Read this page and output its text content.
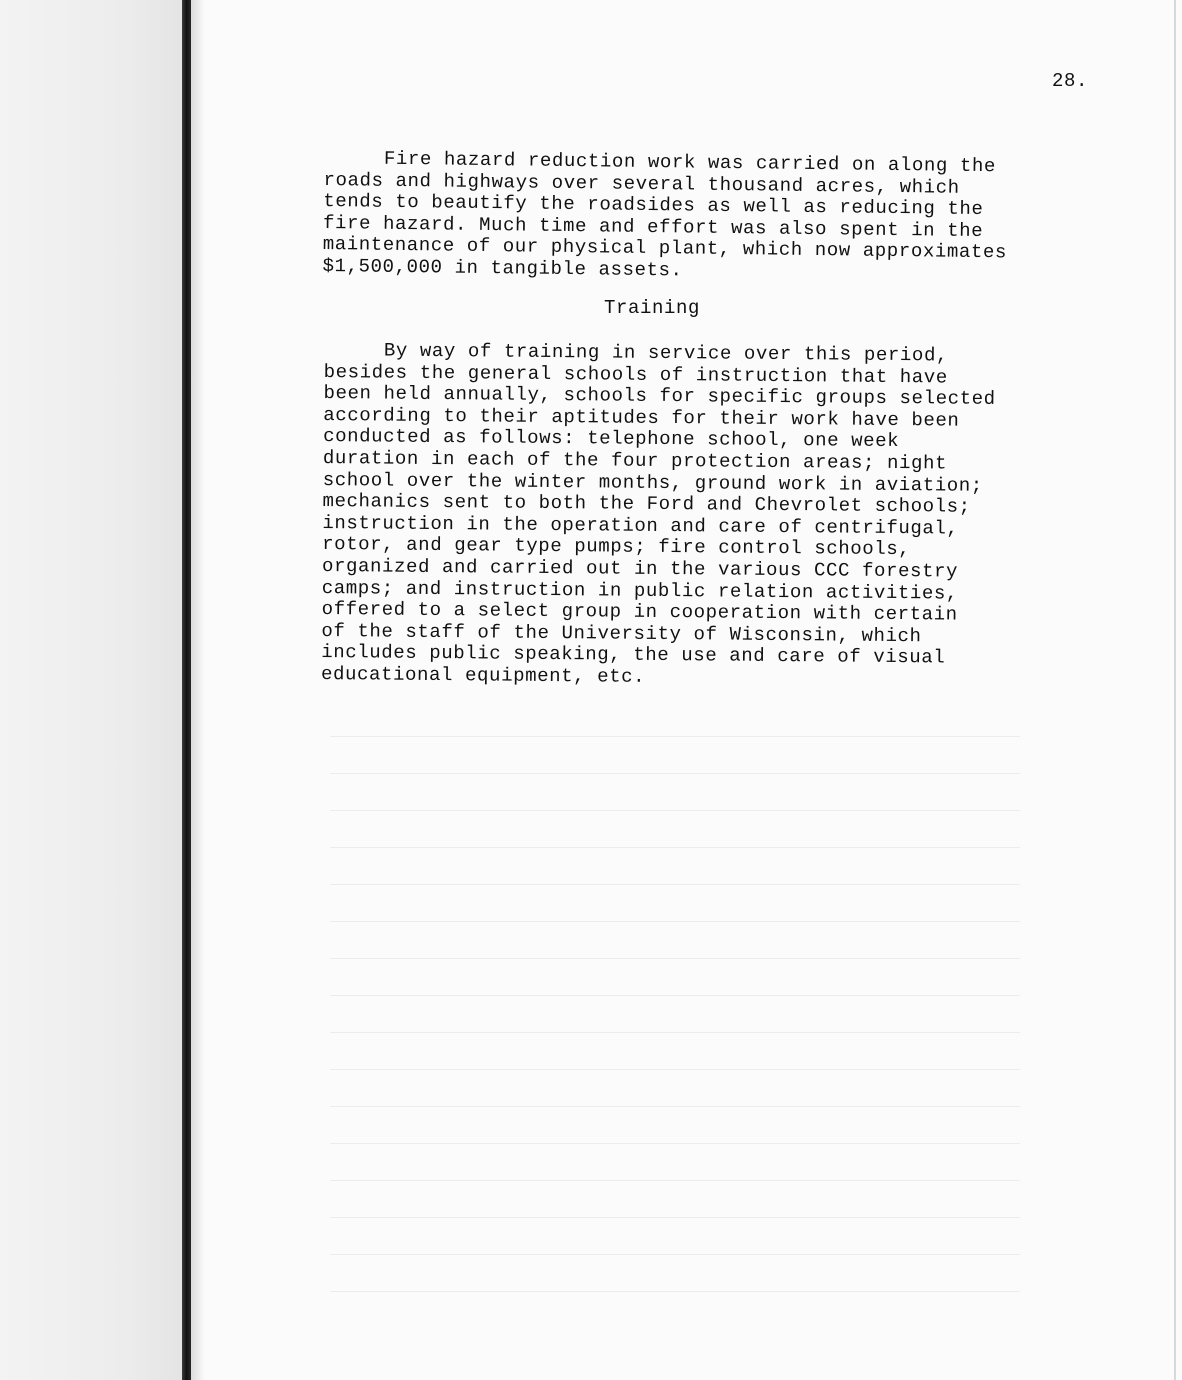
28.

Fire hazard reduction work was carried on along the
roads and highways over several thousand acres, which
tends to beautify the roadsides as well as reducing the
fire hazard. Much time and effort was also spent in the
maintenance of our physical plant, which now approximates
$1,500,000 in tangible assets.

Training

By way of training in service over this period,
besides the general schools of instruction that have
been held annually, schools for specific groups selected
according to their aptitudes for their work have been
conducted as follows: telephone school, one week
duration in each of the four protection areas; night
school over the winter months, ground work in aviation;
mechanics sent to both the Ford and Chevrolet schools;
instruction in the operation and care of centrifugal,
rotor, and gear type pumps; fire control schools,
organized and carried out in the various CCC forestry
camps; and instruction in public relation activities,
offered to a select group in cooperation with certain
of the staff of the University of Wisconsin, which
includes public speaking, the use and care of visual
educational equipment, etc.
